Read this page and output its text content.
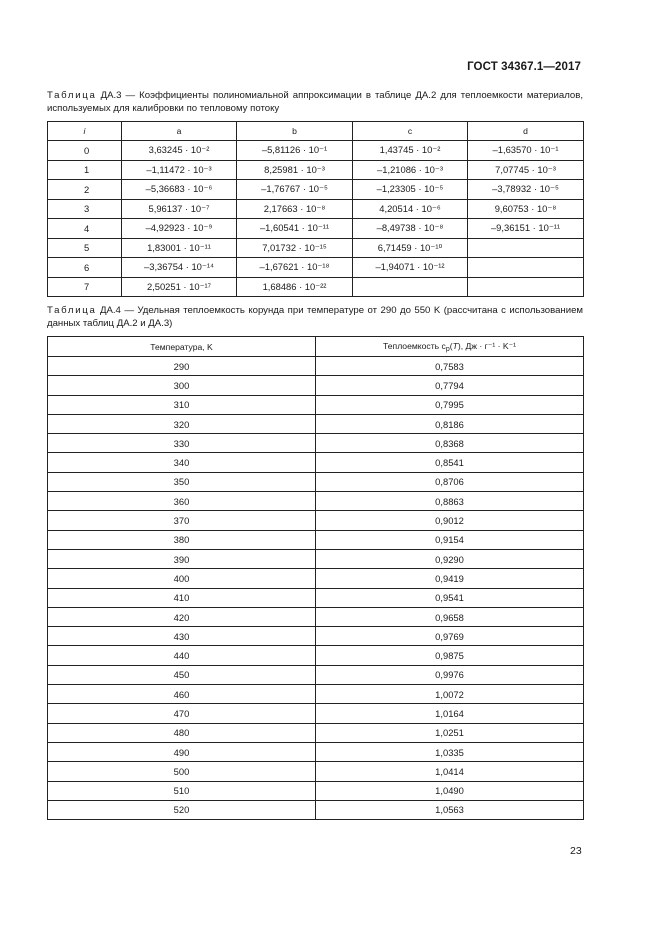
ГОСТ 34367.1—2017
Таблица ДА.3 — Коэффициенты полиномиальной аппроксимации в таблице ДА.2 для теплоемкости материалов, используемых для калибровки по тепловому потоку
i	a	b	c	d
0	3,63245 · 10⁻²	–5,81126 · 10⁻¹	1,43745 · 10⁻²	–1,63570 · 10⁻¹
1	–1,11472 · 10⁻³	8,25981 · 10⁻³	–1,21086 · 10⁻³	7,07745 · 10⁻³
2	–5,36683 · 10⁻⁶	–1,76767 · 10⁻⁵	–1,23305 · 10⁻⁵	–3,78932 · 10⁻⁵
3	5,96137 · 10⁻⁷	2,17663 · 10⁻⁸	4,20514 · 10⁻⁶	9,60753 · 10⁻⁸
4	–4,92923 · 10⁻⁹	–1,60541 · 10⁻¹¹	–8,49738 · 10⁻⁸	–9,36151 · 10⁻¹¹
5	1,83001 · 10⁻¹¹	7,01732 · 10⁻¹⁵	6,71459 · 10⁻¹⁰	
6	–3,36754 · 10⁻¹⁴	–1,67621 · 10⁻¹⁸	–1,94071 · 10⁻¹²	
7	2,50251 · 10⁻¹⁷	1,68486 · 10⁻²²		
Таблица ДА.4 — Удельная теплоемкость корунда при температуре от 290 до 550 K (рассчитана с использованием данных таблиц ДА.2 и ДА.3)
Температура, K	Теплоемкость $c_p(T)$, Дж · г⁻¹ · K⁻¹
290	0,7583
300	0,7794
310	0,7995
320	0,8186
330	0,8368
340	0,8541
350	0,8706
360	0,8863
370	0,9012
380	0,9154
390	0,9290
400	0,9419
410	0,9541
420	0,9658
430	0,9769
440	0,9875
450	0,9976
460	1,0072
470	1,0164
480	1,0251
490	1,0335
500	1,0414
510	1,0490
520	1,0563
23
